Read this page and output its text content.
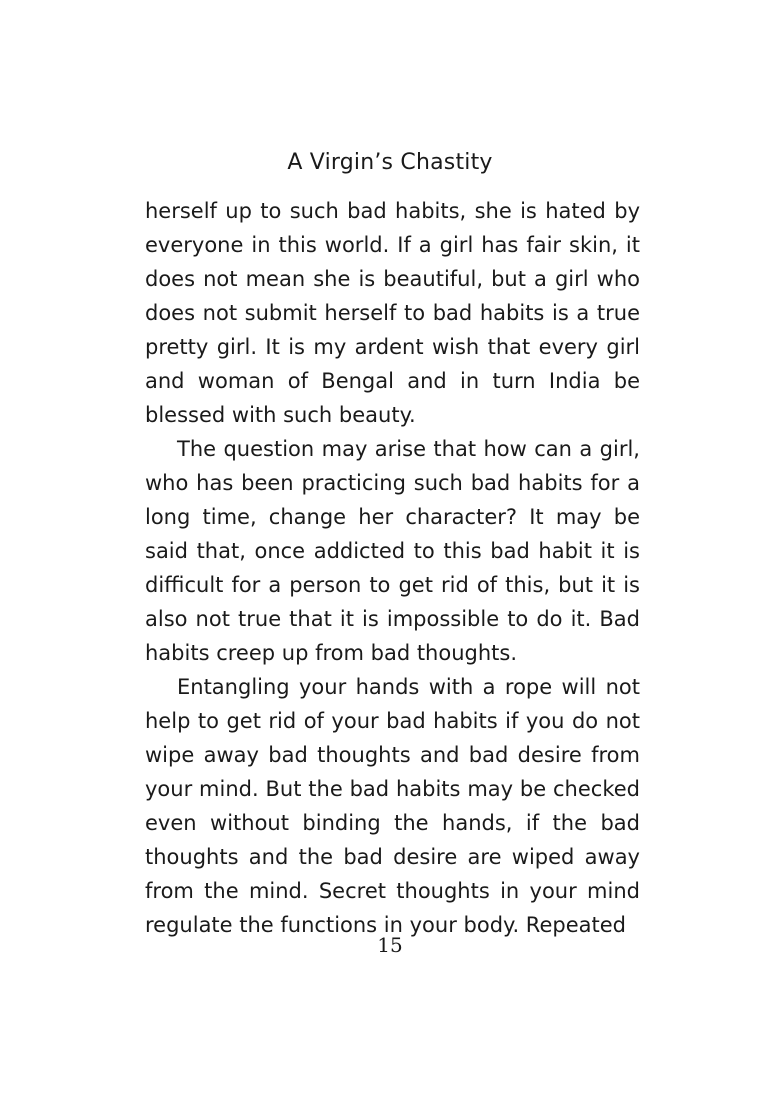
A Virgin’s Chastity

herself up to such bad habits, she is hated by everyone in this world. If a girl has fair skin, it does not mean she is beautiful, but a girl who does not submit herself to bad habits is a true pretty girl. It is my ardent wish that every girl and woman of Bengal and in turn India be blessed with such beauty.

The question may arise that how can a girl, who has been practicing such bad habits for a long time, change her character? It may be said that, once addicted to this bad habit it is difficult for a person to get rid of this, but it is also not true that it is impossible to do it. Bad habits creep up from bad thoughts.

Entangling your hands with a rope will not help to get rid of your bad habits if you do not wipe away bad thoughts and bad desire from your mind. But the bad habits may be checked even without binding the hands, if the bad thoughts and the bad desire are wiped away from the mind. Secret thoughts in your mind regulate the functions in your body. Repeated

15
